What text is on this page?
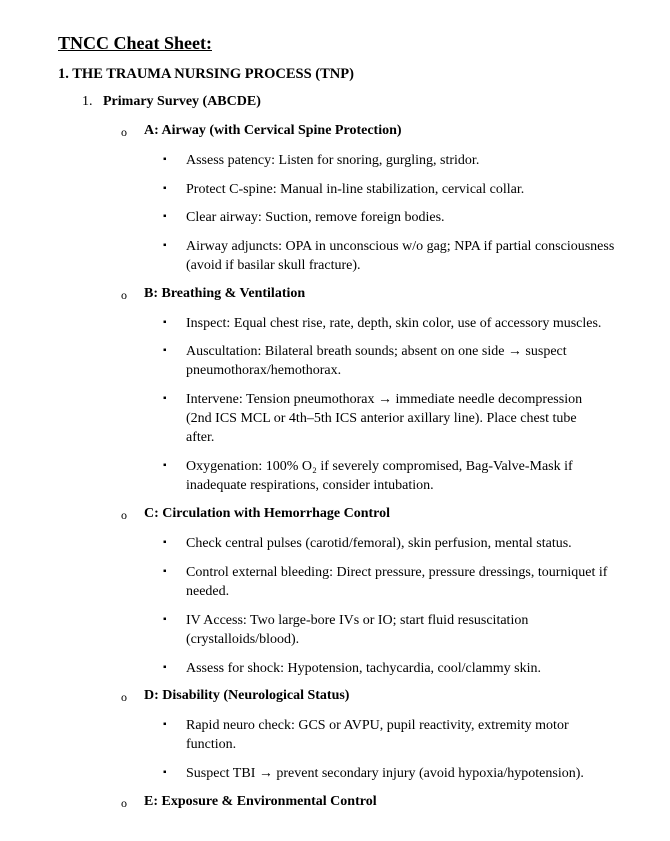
TNCC Cheat Sheet:
1. THE TRAUMA NURSING PROCESS (TNP)
1. Primary Survey (ABCDE)
o A: Airway (with Cervical Spine Protection)
▪ Assess patency: Listen for snoring, gurgling, stridor.
▪ Protect C-spine: Manual in-line stabilization, cervical collar.
▪ Clear airway: Suction, remove foreign bodies.
▪ Airway adjuncts: OPA in unconscious w/o gag; NPA if partial consciousness (avoid if basilar skull fracture).
o B: Breathing & Ventilation
▪ Inspect: Equal chest rise, rate, depth, skin color, use of accessory muscles.
▪ Auscultation: Bilateral breath sounds; absent on one side → suspect pneumothorax/hemothorax.
▪ Intervene: Tension pneumothorax → immediate needle decompression (2nd ICS MCL or 4th–5th ICS anterior axillary line). Place chest tube after.
▪ Oxygenation: 100% O₂ if severely compromised, Bag-Valve-Mask if inadequate respirations, consider intubation.
o C: Circulation with Hemorrhage Control
▪ Check central pulses (carotid/femoral), skin perfusion, mental status.
▪ Control external bleeding: Direct pressure, pressure dressings, tourniquet if needed.
▪ IV Access: Two large-bore IVs or IO; start fluid resuscitation (crystalloids/blood).
▪ Assess for shock: Hypotension, tachycardia, cool/clammy skin.
o D: Disability (Neurological Status)
▪ Rapid neuro check: GCS or AVPU, pupil reactivity, extremity motor function.
▪ Suspect TBI → prevent secondary injury (avoid hypoxia/hypotension).
o E: Exposure & Environmental Control
